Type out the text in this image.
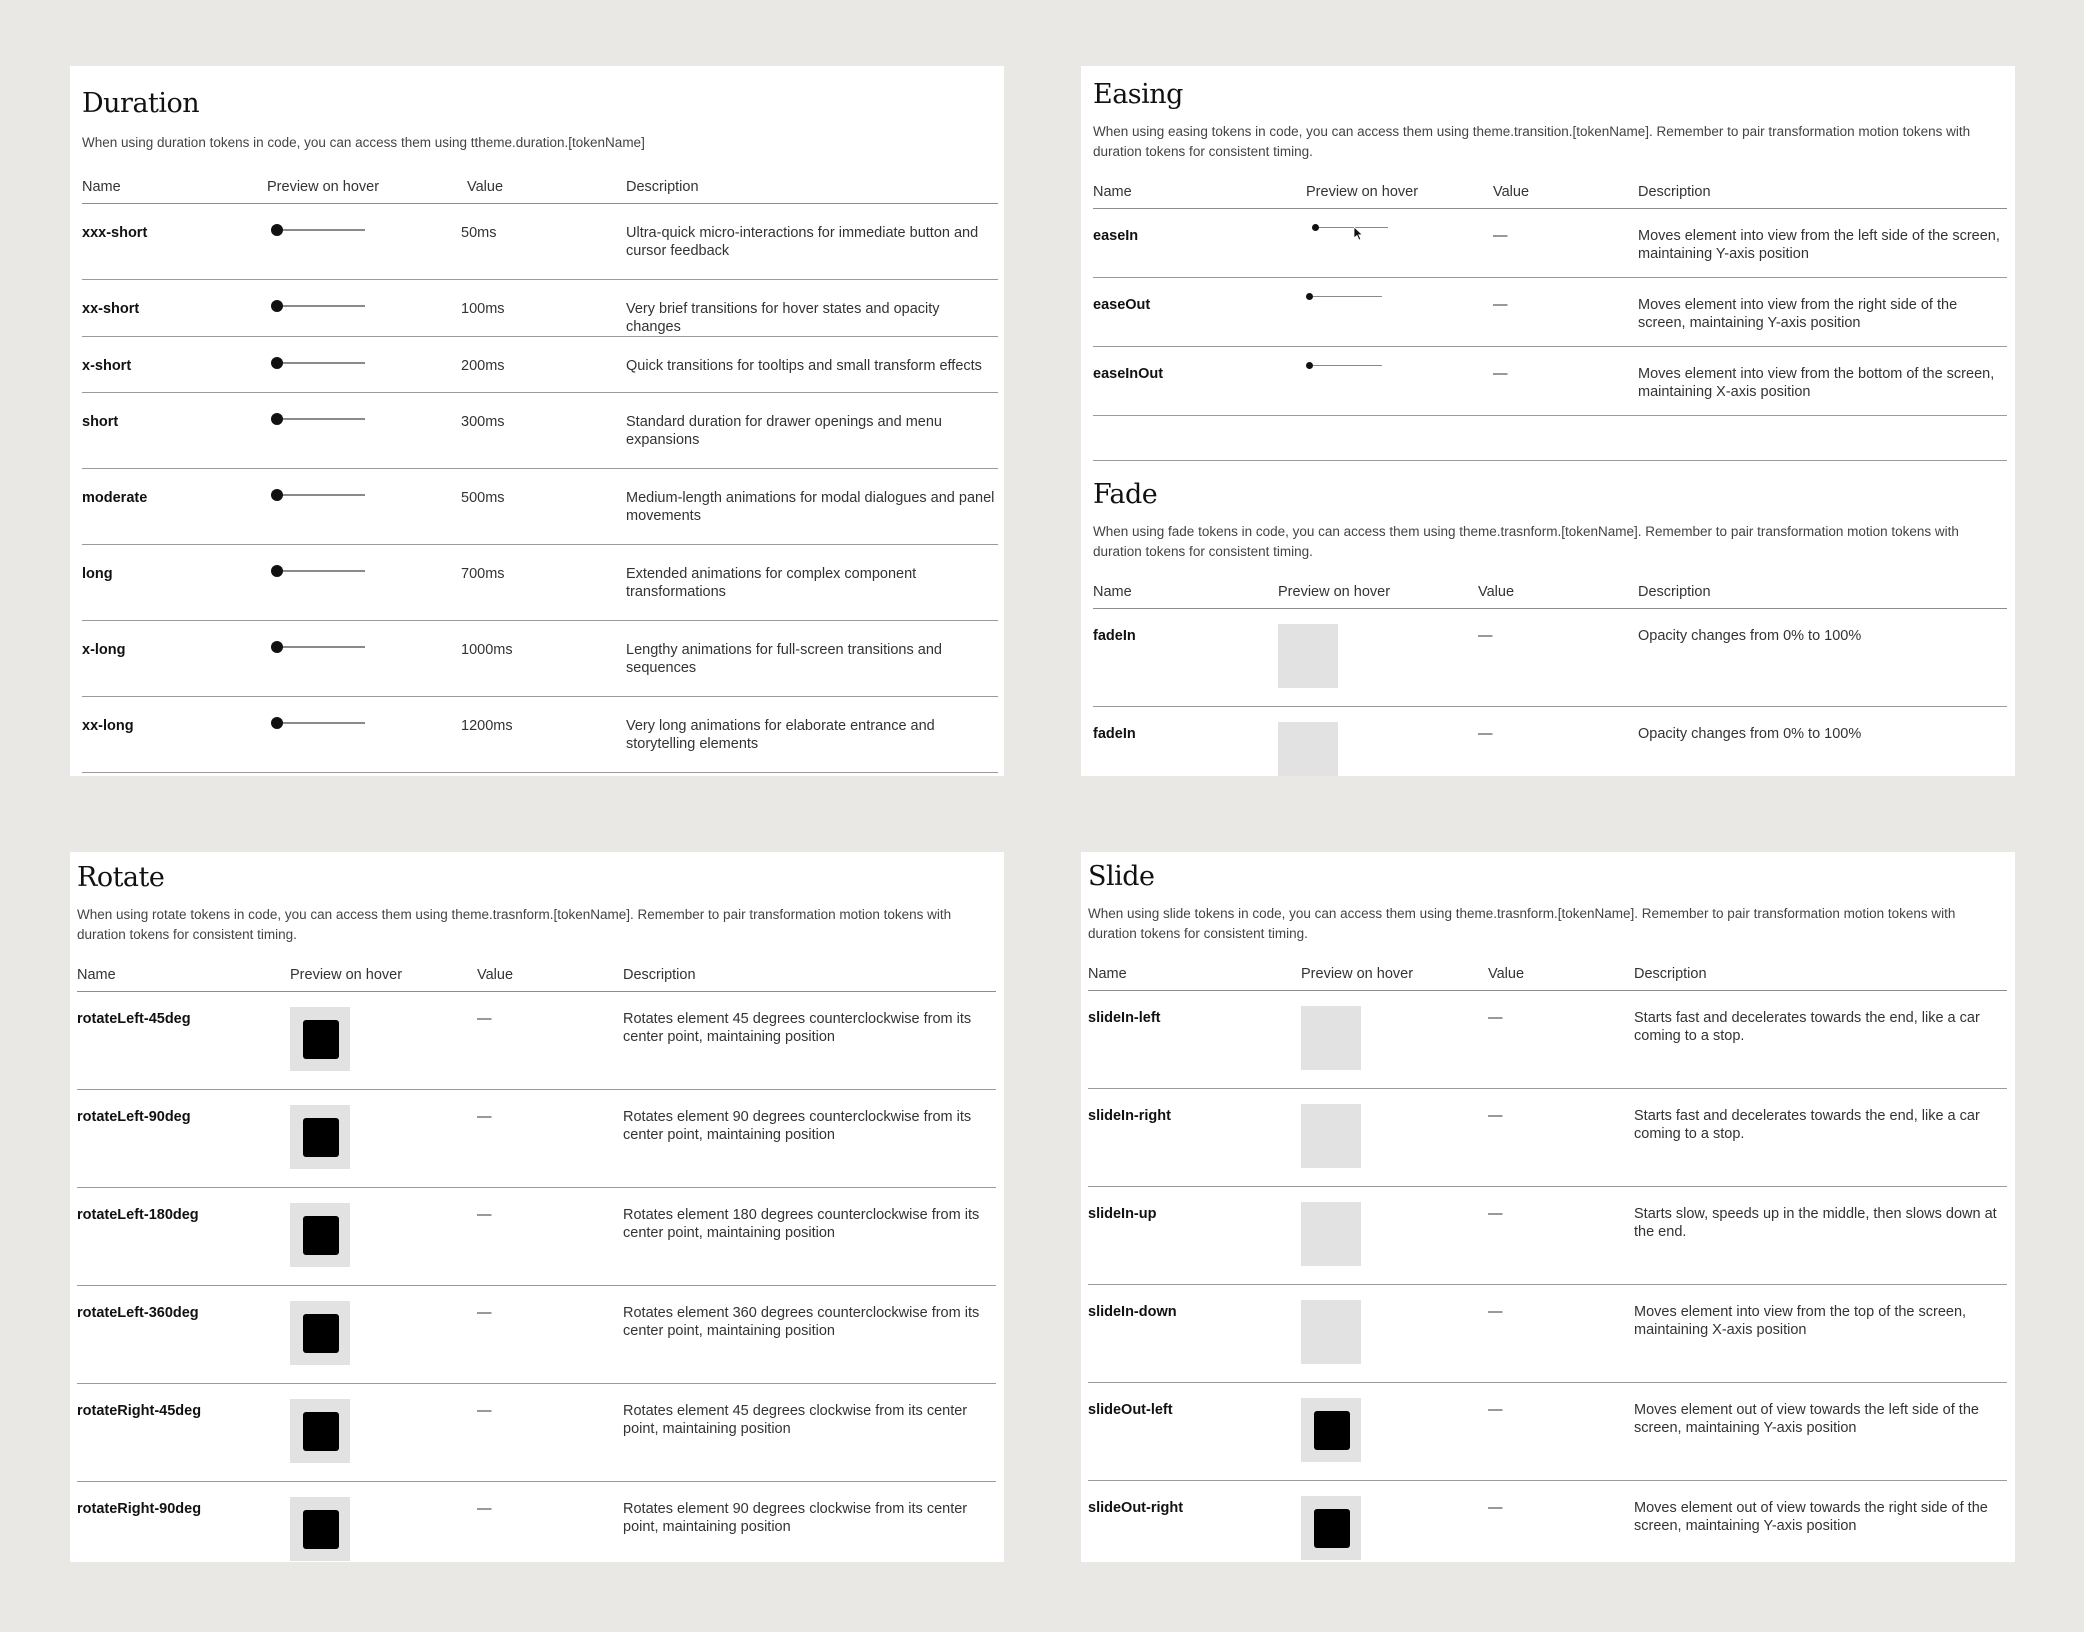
Duration

When using duration tokens in code, you can access them using ttheme.duration.[tokenName]

Name	Preview on hover	Value	Description
xxx-short		50ms	Ultra-quick micro-interactions for immediate button and cursor feedback
xx-short		100ms	Very brief transitions for hover states and opacity changes
x-short		200ms	Quick transitions for tooltips and small transform effects
short		300ms	Standard duration for drawer openings and menu expansions
moderate		500ms	Medium-length animations for modal dialogues and panel movements
long		700ms	Extended animations for complex component transformations
x-long		1000ms	Lengthy animations for full-screen transitions and sequences
xx-long		1200ms	Very long animations for elaborate entrance and storytelling elements
Easing

When using easing tokens in code, you can access them using theme.transition.[tokenName]. Remember to pair transformation motion tokens with duration tokens for consistent timing.

Name	Preview on hover	Value	Description
easeIn		—	Moves element into view from the left side of the screen, maintaining Y-axis position
easeOut		—	Moves element into view from the right side of the screen, maintaining Y-axis position
easeInOut		—	Moves element into view from the bottom of the screen, maintaining X-axis position
Fade

When using fade tokens in code, you can access them using theme.trasnform.[tokenName]. Remember to pair transformation motion tokens with duration tokens for consistent timing.

Name	Preview on hover	Value	Description
fadeIn		—	Opacity changes from 0% to 100%
fadeIn		—	Opacity changes from 0% to 100%
Rotate

When using rotate tokens in code, you can access them using theme.trasnform.[tokenName]. Remember to pair transformation motion tokens with duration tokens for consistent timing.

Name	Preview on hover	Value	Description
rotateLeft-45deg		—	Rotates element 45 degrees counterclockwise from its center point, maintaining position
rotateLeft-90deg		—	Rotates element 90 degrees counterclockwise from its center point, maintaining position
rotateLeft-180deg		—	Rotates element 180 degrees counterclockwise from its center point, maintaining position
rotateLeft-360deg		—	Rotates element 360 degrees counterclockwise from its center point, maintaining position
rotateRight-45deg		—	Rotates element 45 degrees clockwise from its center point, maintaining position
rotateRight-90deg		—	Rotates element 90 degrees clockwise from its center point, maintaining position
Slide

When using slide tokens in code, you can access them using theme.trasnform.[tokenName]. Remember to pair transformation motion tokens with duration tokens for consistent timing.

Name	Preview on hover	Value	Description
slideIn-left		—	Starts fast and decelerates towards the end, like a car coming to a stop.
slideIn-right		—	Starts fast and decelerates towards the end, like a car coming to a stop.
slideIn-up		—	Starts slow, speeds up in the middle, then slows down at the end.
slideIn-down		—	Moves element into view from the top of the screen, maintaining X-axis position
slideOut-left		—	Moves element out of view towards the left side of the screen, maintaining Y-axis position
slideOut-right		—	Moves element out of view towards the right side of the screen, maintaining Y-axis position
